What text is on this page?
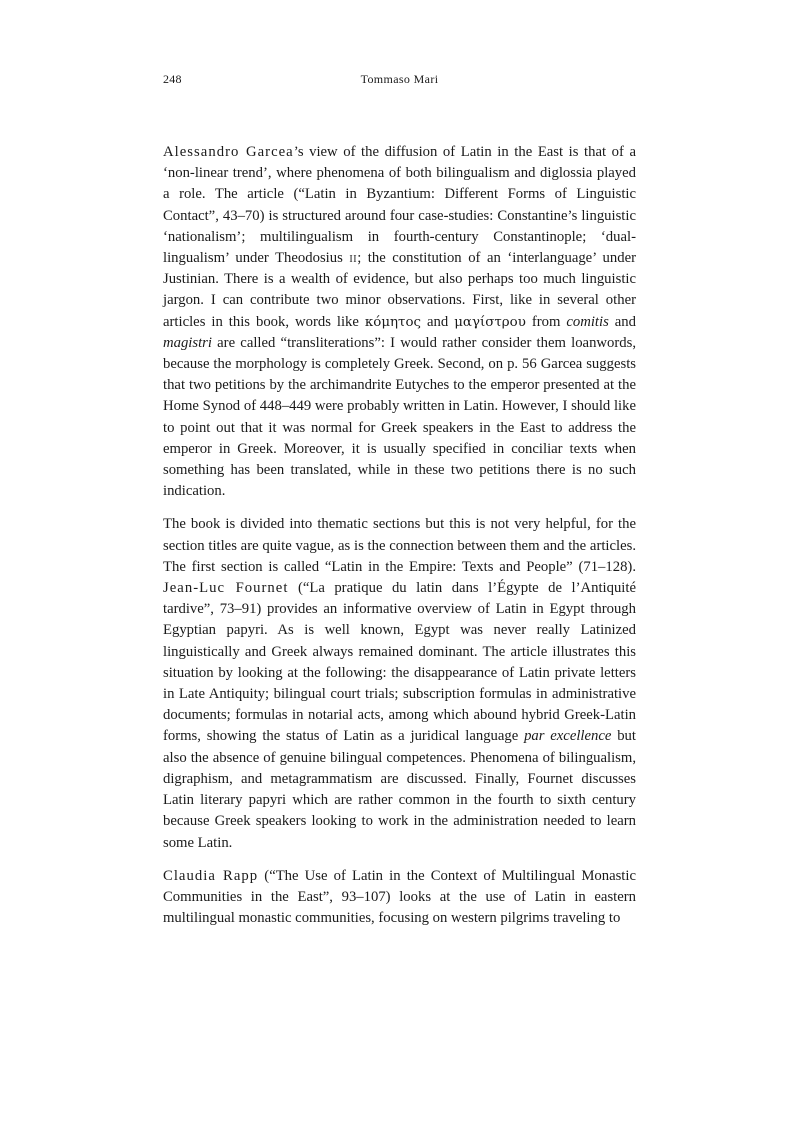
248	Tommaso Mari

Alessandro Garcea’s view of the diffusion of Latin in the East is that of a ‘non-linear trend’, where phenomena of both bilingualism and diglossia played a role. The article (“Latin in Byzantium: Different Forms of Linguistic Contact”, 43–70) is structured around four case-studies: Constantine’s linguistic ‘nationalism’; multilingualism in fourth-century Constantinople; ‘dual-lingualism’ under Theodosius ii; the constitution of an ‘interlanguage’ under Justinian. There is a wealth of evidence, but also perhaps too much linguistic jargon. I can contribute two minor observations. First, like in several other articles in this book, words like κόμητος and μαγίστρου from comitis and magistri are called “transliterations”: I would rather consider them loanwords, because the morphology is completely Greek. Second, on p. 56 Garcea suggests that two petitions by the archimandrite Eutyches to the emperor presented at the Home Synod of 448–449 were probably written in Latin. However, I should like to point out that it was normal for Greek speakers in the East to address the emperor in Greek. Moreover, it is usually specified in conciliar texts when something has been translated, while in these two petitions there is no such indication.

The book is divided into thematic sections but this is not very helpful, for the section titles are quite vague, as is the connection between them and the articles. The first section is called “Latin in the Empire: Texts and People” (71–128). Jean-Luc Fournet (“La pratique du latin dans l’Égypte de l’Antiquité tardive”, 73–91) provides an informative overview of Latin in Egypt through Egyptian papyri. As is well known, Egypt was never really Latinized linguistically and Greek always remained dominant. The article illustrates this situation by looking at the following: the disappearance of Latin private letters in Late Antiquity; bilingual court trials; subscription formulas in administrative documents; formulas in notarial acts, among which abound hybrid Greek-Latin forms, showing the status of Latin as a juridical language par excellence but also the absence of genuine bilingual competences. Phenomena of bilingualism, digraphism, and metagrammatism are discussed. Finally, Fournet discusses Latin literary papyri which are rather common in the fourth to sixth century because Greek speakers looking to work in the administration needed to learn some Latin.

Claudia Rapp (“The Use of Latin in the Context of Multilingual Monastic Communities in the East”, 93–107) looks at the use of Latin in eastern multilingual monastic communities, focusing on western pilgrims traveling to
